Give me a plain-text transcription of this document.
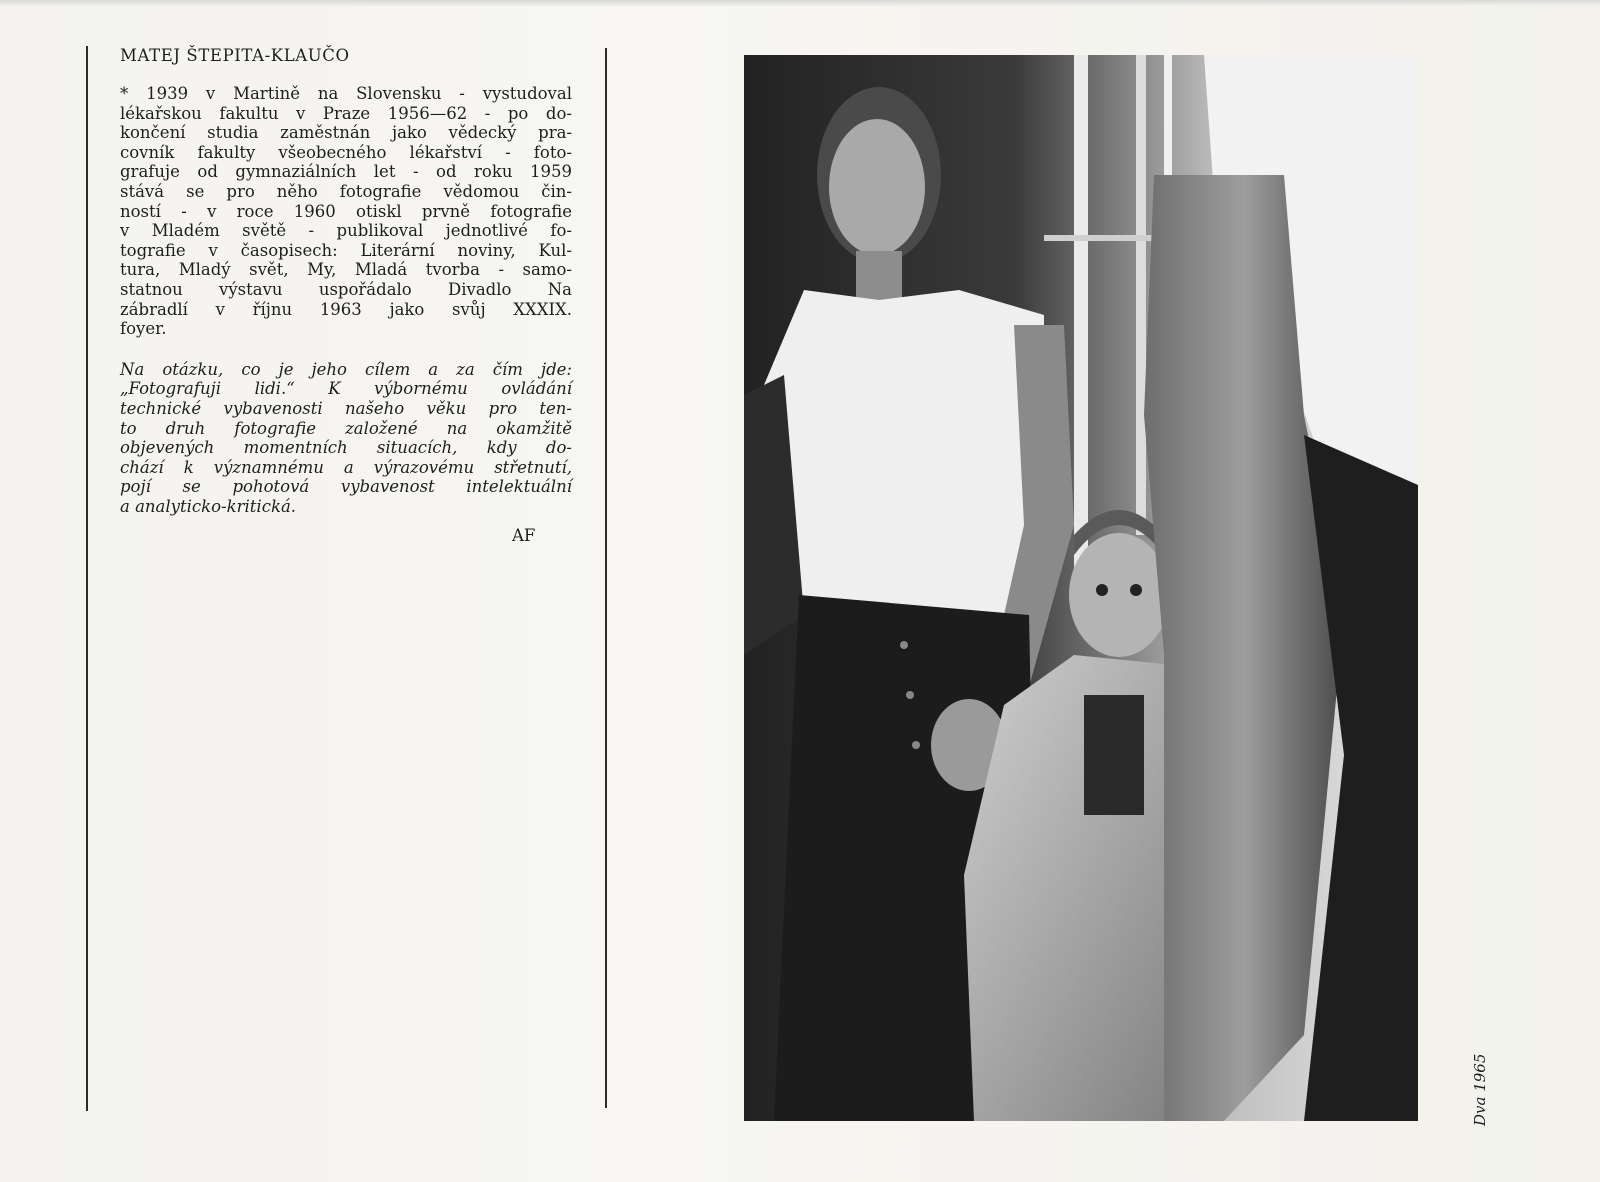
MATEJ ŠTEPITA-KLAUČO

* 1939 v Martině na Slovensku - vystudoval
lékařskou fakultu v Praze 1956—62 - po do-
končení studia zaměstnán jako vědecký pra-
covník fakulty všeobecného lékařství - foto-
grafuje od gymnaziálních let - od roku 1959
stává se pro něho fotografie vědomou čin-
ností - v roce 1960 otiskl prvně fotografie
v Mladém světě - publikoval jednotlivé fo-
tografie v časopisech: Literární noviny, Kul-
tura, Mladý svět, My, Mladá tvorba - samo-
statnou výstavu uspořádalo Divadlo Na
zábradlí v říjnu 1963 jako svůj XXXIX.
foyer.

Na otázku, co je jeho cílem a za čím jde:
„Fotografuji lidi.“ K výbornému ovládání
technické vybavenosti našeho věku pro ten-
to druh fotografie založené na okamžitě
objevených momentních situacích, kdy do-
chází k významnému a výrazovému střetnutí,
pojí se pohotová vybavenost intelektuální
a analyticko-kritická.

AF
Dva 1965
